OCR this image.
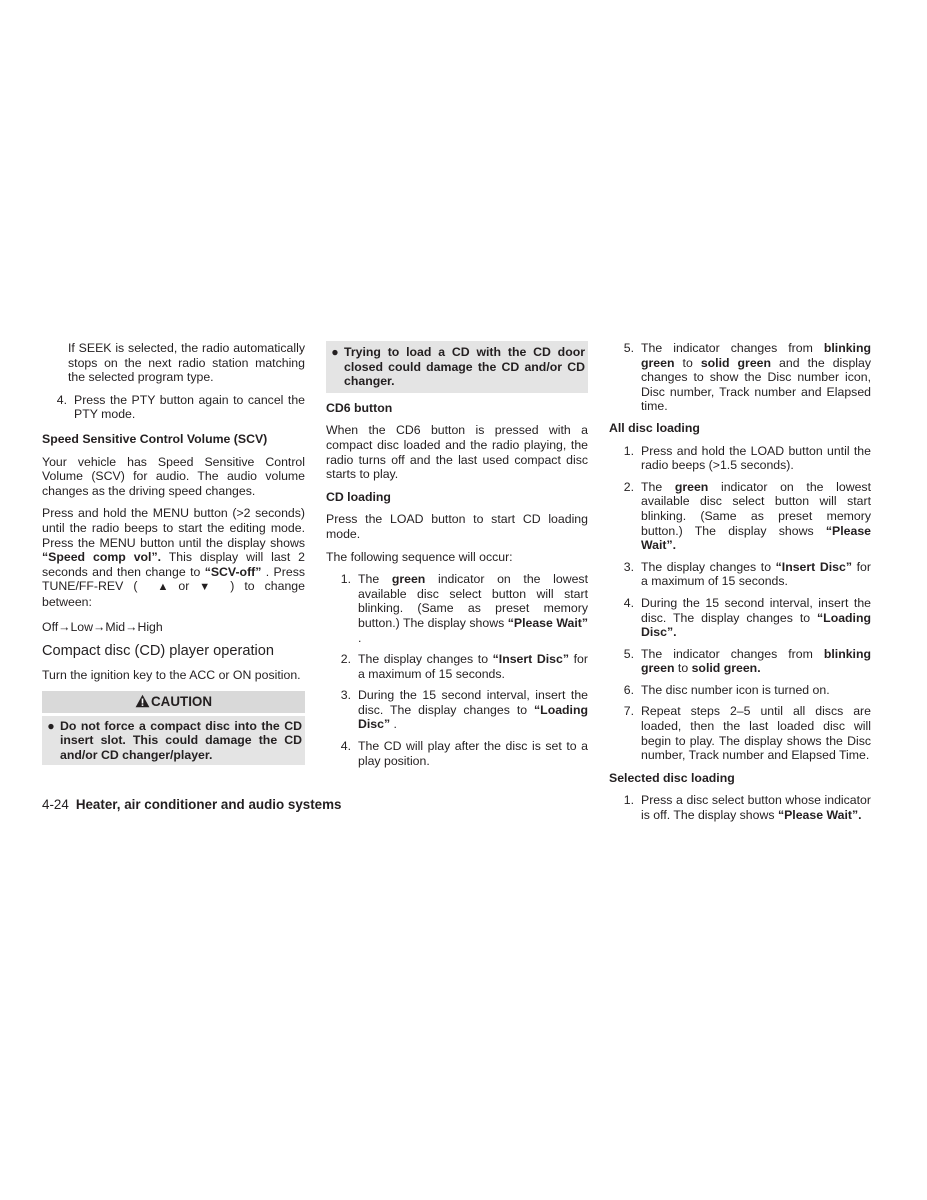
If SEEK is selected, the radio automatically stops on the next radio station matching the selected program type.

4. Press the PTY button again to cancel the PTY mode.
Speed Sensitive Control Volume (SCV)

Your vehicle has Speed Sensitive Control Volume (SCV) for audio. The audio volume changes as the driving speed changes.

Press and hold the MENU button (>2 seconds) until the radio beeps to start the editing mode. Press the MENU button until the display shows “Speed comp vol”. This display will last 2 seconds and then change to “SCV-off” . Press TUNE/FF-REV ( ▲ or ▼ ) to change between:

Off→Low→Mid→High

Compact disc (CD) player operation

Turn the ignition key to the ACC or ON position.

CAUTION
● Do not force a compact disc into the CD insert slot. This could damage the CD and/or CD changer/player.
● Trying to load a CD with the CD door closed could damage the CD and/or CD changer.
CD6 button

When the CD6 button is pressed with a compact disc loaded and the radio playing, the radio turns off and the last used compact disc starts to play.

CD loading

Press the LOAD button to start CD loading mode.

The following sequence will occur:

1. The green indicator on the lowest available disc select button will start blinking. (Same as preset memory button.) The display shows “Please Wait” .
2. The display changes to “Insert Disc” for a maximum of 15 seconds.
3. During the 15 second interval, insert the disc. The display changes to “Loading Disc” .
4. The CD will play after the disc is set to a play position.
5. The indicator changes from blinking green to solid green and the display changes to show the Disc number icon, Disc number, Track number and Elapsed time.
All disc loading
1. Press and hold the LOAD button until the radio beeps (>1.5 seconds).
2. The green indicator on the lowest available disc select button will start blinking. (Same as preset memory button.) The display shows “Please Wait”.
3. The display changes to “Insert Disc” for a maximum of 15 seconds.
4. During the 15 second interval, insert the disc. The display changes to “Loading Disc”.
5. The indicator changes from blinking green to solid green.
6. The disc number icon is turned on.
7. Repeat steps 2–5 until all discs are loaded, then the last loaded disc will begin to play. The display shows the Disc number, Track number and Elapsed Time.
Selected disc loading
1. Press a disc select button whose indicator is off. The display shows “Please Wait”.
4-24 Heater, air conditioner and audio systems
